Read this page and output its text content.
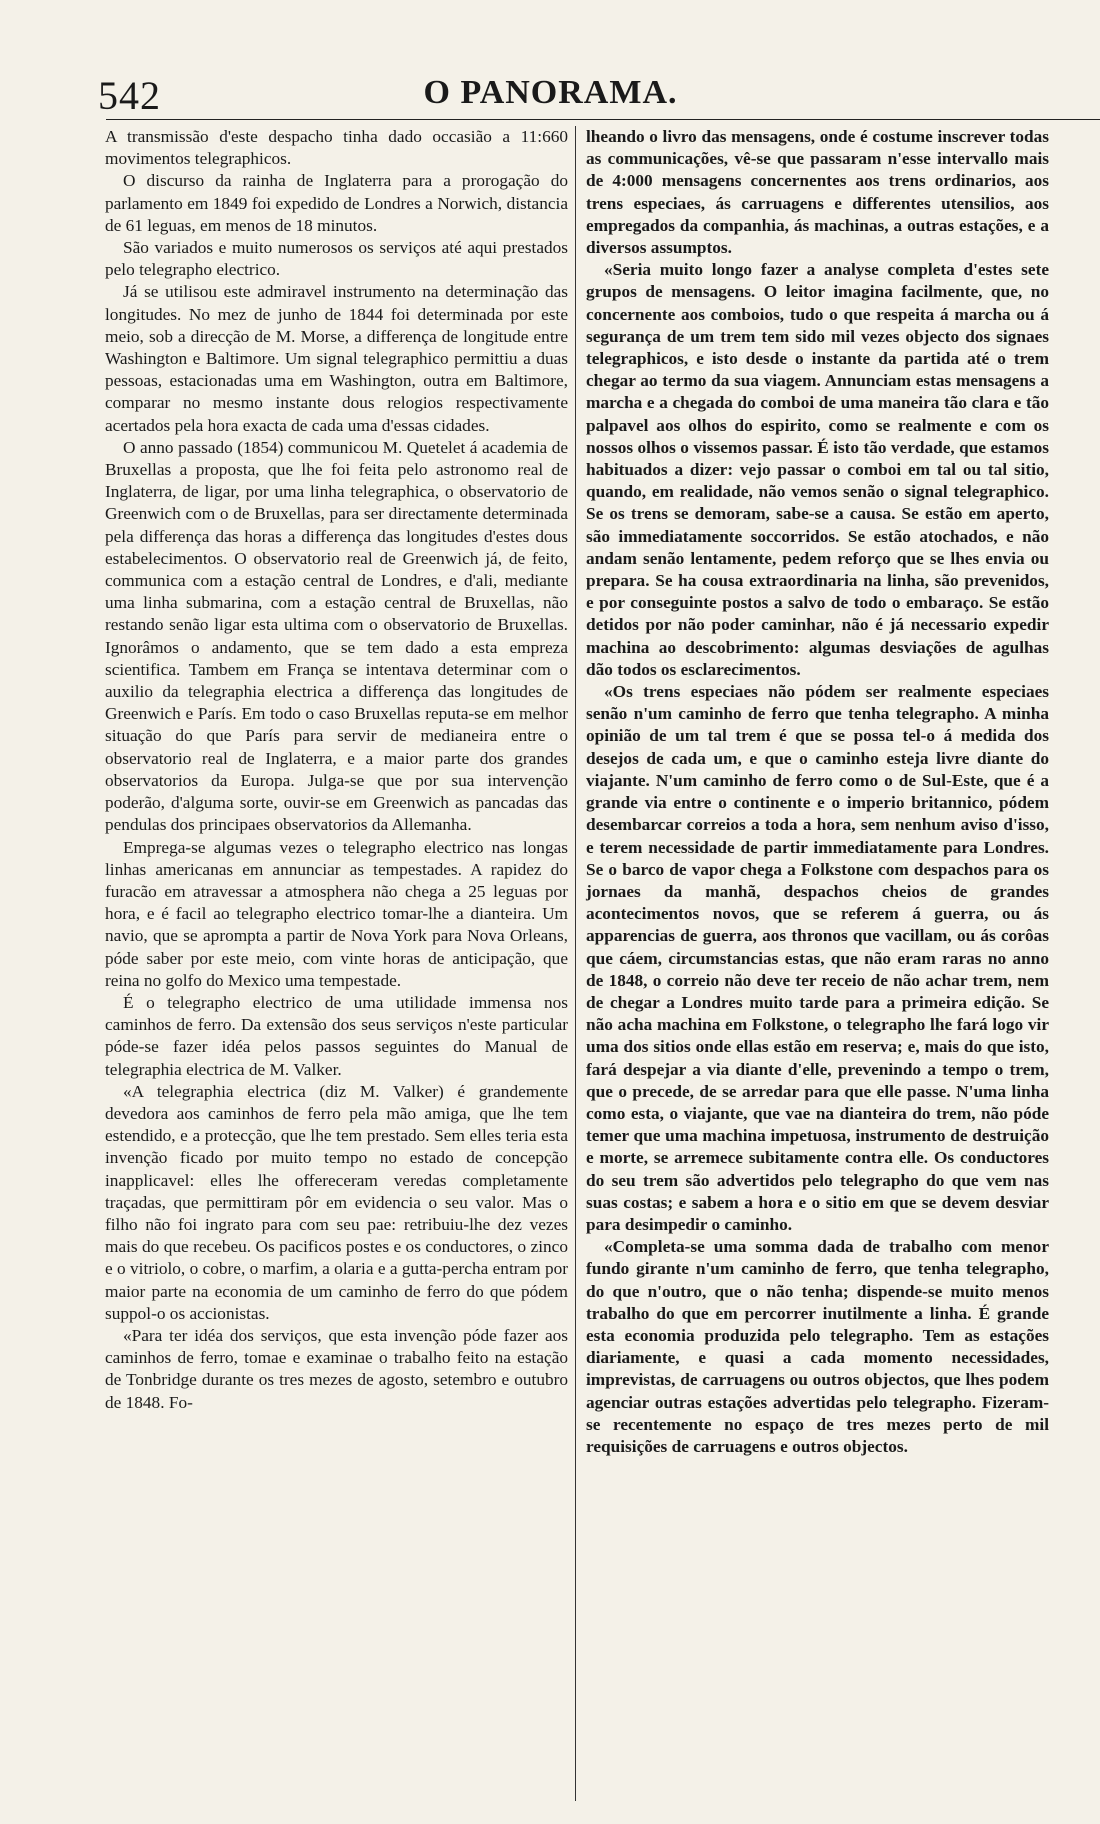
542	O PANORAMA.

A transmissão d'este despacho tinha dado occasião a 11:660 movimentos telegraphicos.

O discurso da rainha de Inglaterra para a prorogação do parlamento em 1849 foi expedido de Londres a Norwich, distancia de 61 leguas, em menos de 18 minutos.

São variados e muito numerosos os serviços até aqui prestados pelo telegrapho electrico.

Já se utilisou este admiravel instrumento na determinação das longitudes. No mez de junho de 1844 foi determinada por este meio, sob a direcção de M. Morse, a differença de longitude entre Washington e Baltimore. Um signal telegraphico permittiu a duas pessoas, estacionadas uma em Washington, outra em Baltimore, comparar no mesmo instante dous relogios respectivamente acertados pela hora exacta de cada uma d'essas cidades.

O anno passado (1854) communicou M. Quetelet á academia de Bruxellas a proposta, que lhe foi feita pelo astronomo real de Inglaterra, de ligar, por uma linha telegraphica, o observatorio de Greenwich com o de Bruxellas, para ser directamente determinada pela differença das horas a differença das longitudes d'estes dous estabelecimentos. O observatorio real de Greenwich já, de feito, communica com a estação central de Londres, e d'ali, mediante uma linha submarina, com a estação central de Bruxellas, não restando senão ligar esta ultima com o observatorio de Bruxellas. Ignorâmos o andamento, que se tem dado a esta empreza scientifica. Tambem em França se intentava determinar com o auxilio da telegraphia electrica a differença das longitudes de Greenwich e París. Em todo o caso Bruxellas reputa-se em melhor situação do que París para servir de medianeira entre o observatorio real de Inglaterra, e a maior parte dos grandes observatorios da Europa. Julga-se que por sua intervenção poderão, d'alguma sorte, ouvir-se em Greenwich as pancadas das pendulas dos principaes observatorios da Allemanha.

Emprega-se algumas vezes o telegrapho electrico nas longas linhas americanas em annunciar as tempestades. A rapidez do furacão em atravessar a atmosphera não chega a 25 leguas por hora, e é facil ao telegrapho electrico tomar-lhe a dianteira. Um navio, que se apromptа a partir de Nova York para Nova Orleans, póde saber por este meio, com vinte horas de anticipação, que reina no golfo do Mexico uma tempestade.

É o telegrapho electrico de uma utilidade immensa nos caminhos de ferro. Da extensão dos seus serviços n'este particular póde-se fazer idéa pelos passos seguintes do Manual de telegraphia electrica de M. Valker.

«A telegraphia electrica (diz M. Valker) é grandemente devedora aos caminhos de ferro pela mão amiga, que lhe tem estendido, e a protecção, que lhe tem prestado. Sem elles teria esta invenção ficado por muito tempo no estado de concepção inapplicavel: elles lhe offereceram veredas completamente traçadas, que permittiram pôr em evidencia o seu valor. Mas o filho não foi ingrato para com seu pae: retribuiu-lhe dez vezes mais do que recebeu. Os pacificos postes e os conductores, o zinco e o vitriolo, o cobre, o marfim, a olaria e a gutta-percha entram por maior parte na economia de um caminho de ferro do que pódem suppol-o os accionistas.

«Para ter idéa dos serviços, que esta invenção póde fazer aos caminhos de ferro, tomae e examinae o trabalho feito na estação de Tonbridge durante os tres mezes de agosto, setembro e outubro de 1848. Fo-

lheando o livro das mensagens, onde é costume inscrever todas as communicações, vê-se que passaram n'esse intervallo mais de 4:000 mensagens concernentes aos trens ordinarios, aos trens especiaes, ás carruagens e differentes utensilios, aos empregados da companhia, ás machinas, a outras estações, e a diversos assumptos.

«Seria muito longo fazer a analyse completa d'estes sete grupos de mensagens. O leitor imagina facilmente, que, no concernente aos comboios, tudo o que respeita á marcha ou á segurança de um trem tem sido mil vezes objecto dos signaes telegraphicos, e isto desde o instante da partida até o trem chegar ao termo da sua viagem. Annunciam estas mensagens a marcha e a chegada do comboi de uma maneira tão clara e tão palpavel aos olhos do espirito, como se realmente e com os nossos olhos o vissemos passar. É isto tão verdade, que estamos habituados a dizer: vejo passar o comboi em tal ou tal sitio, quando, em realidade, não vemos senão o signal telegraphico. Se os trens se demoram, sabe-se a causa. Se estão em aperto, são immediatamente soccorridos. Se estão atochados, e não andam senão lentamente, pedem reforço que se lhes envia ou prepara. Se ha cousa extraordinaria na linha, são prevenidos, e por conseguinte postos a salvo de todo o embaraço. Se estão detidos por não poder caminhar, não é já necessario expedir machina ao descobrimento: algumas desviações de agulhas dão todos os esclarecimentos.

«Os trens especiaes não pódem ser realmente especiaes senão n'um caminho de ferro que tenha telegrapho. A minha opinião de um tal trem é que se possa tel-o á medida dos desejos de cada um, e que o caminho esteja livre diante do viajante. N'um caminho de ferro como o de Sul-Este, que é a grande via entre o continente e o imperio britannico, pódem desembarcar correios a toda a hora, sem nenhum aviso d'isso, e terem necessidade de partir immediatamente para Londres. Se o barco de vapor chega a Folkstone com despachos para os jornaes da manhã, despachos cheios de grandes acontecimentos novos, que se referem á guerra, ou ás apparencias de guerra, aos thronos que vacillam, ou ás corôas que cáem, circumstancias estas, que não eram raras no anno de 1848, o correio não deve ter receio de não achar trem, nem de chegar a Londres muito tarde para a primeira edição. Se não acha machina em Folkstone, o telegrapho lhe fará logo vir uma dos sitios onde ellas estão em reserva; e, mais do que isto, fará despejar a via diante d'elle, prevenindo a tempo o trem, que o precede, de se arredar para que elle passe. N'uma linha como esta, o viajante, que vae na dianteira do trem, não póde temer que uma machina impetuosa, instrumento de destruição e morte, se arremece subitamente contra elle. Os conductores do seu trem são advertidos pelo telegrapho do que vem nas suas costas; e sabem a hora e o sitio em que se devem desviar para desimpedir o caminho.

«Completa-se uma somma dada de trabalho com menor fundo girante n'um caminho de ferro, que tenha telegrapho, do que n'outro, que o não tenha; dispende-se muito menos trabalho do que em percorrer inutilmente a linha. É grande esta economia produzida pelo telegrapho. Tem as estações diariamente, e quasi a cada momento necessidades, imprevistas, de carruagens ou outros objectos, que lhes podem agenciar outras estações advertidas pelo telegrapho. Fizeram-se recentemente no espaço de tres mezes perto de mil requisições de carruagens e outros objectos.
